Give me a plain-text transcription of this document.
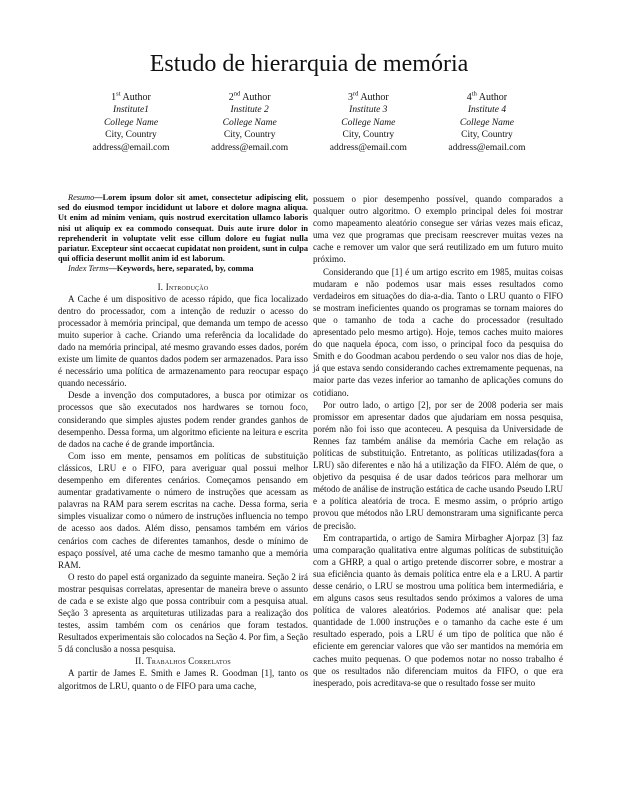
Estudo de hierarquia de memória
1st Author
Institute1
College Name
City, Country
address@email.com
2nd Author
Institute 2
College Name
City, Country
address@email.com
3rd Author
Institute 3
College Name
City, Country
address@email.com
4th Author
Institute 4
College Name
City, Country
address@email.com

Resumo—Lorem ipsum dolor sit amet, consectetur adipiscing elit, sed do eiusmod tempor incididunt ut labore et dolore magna aliqua. Ut enim ad minim veniam, quis nostrud exercitation ullamco laboris nisi ut aliquip ex ea commodo consequat. Duis aute irure dolor in reprehenderit in voluptate velit esse cillum dolore eu fugiat nulla pariatur. Excepteur sint occaecat cupidatat non proident, sunt in culpa qui officia deserunt mollit anim id est laborum.

Index Terms—Keywords, here, separated, by, comma

I. Introdução

A Cache é um dispositivo de acesso rápido, que fica localizado dentro do processador, com a intenção de reduzir o acesso do processador à memória principal, que demanda um tempo de acesso muito superior à cache. Criando uma referência da localidade do dado na memória principal, até mesmo gravando esses dados, porém existe um limite de quantos dados podem ser armazenados. Para isso é necessário uma política de armazenamento para reocupar espaço quando necessário.

Desde a invenção dos computadores, a busca por otimizar os processos que são executados nos hardwares se tornou foco, considerando que simples ajustes podem render grandes ganhos de desempenho. Dessa forma, um algoritmo eficiente na leitura e escrita de dados na cache é de grande importância.

Com isso em mente, pensamos em políticas de substituição clássicos, LRU e o FIFO, para averiguar qual possui melhor desempenho em diferentes cenários. Começamos pensando em aumentar gradativamente o número de instruções que acessam as palavras na RAM para serem escritas na cache. Dessa forma, seria simples visualizar como o número de instruções influencia no tempo de acesso aos dados. Além disso, pensamos também em vários cenários com caches de diferentes tamanhos, desde o mínimo de espaço possível, até uma cache de mesmo tamanho que a memória RAM.

O resto do papel está organizado da seguinte maneira. Seção 2 irá mostrar pesquisas correlatas, apresentar de maneira breve o assunto de cada e se existe algo que possa contribuir com a pesquisa atual. Seção 3 apresenta as arquiteturas utilizadas para a realização dos testes, assim também com os cenários que foram testados. Resultados experimentais são colocados na Seção 4. Por fim, a Seção 5 dá conclusão a nossa pesquisa.

II. Trabalhos Correlatos

A partir de James E. Smith e James R. Goodman [1], tanto os algoritmos de LRU, quanto o de FIFO para uma cache,

possuem o pior desempenho possível, quando comparados a qualquer outro algoritmo. O exemplo principal deles foi mostrar como mapeamento aleatório consegue ser várias vezes mais eficaz, uma vez que programas que precisam reescrever muitas vezes na cache e remover um valor que será reutilizado em um futuro muito próximo.

Considerando que [1] é um artigo escrito em 1985, muitas coisas mudaram e não podemos usar mais esses resultados como verdadeiros em situações do dia-a-dia. Tanto o LRU quanto o FIFO se mostram ineficientes quando os programas se tornam maiores do que o tamanho de toda a cache do processador (resultado apresentado pelo mesmo artigo). Hoje, temos caches muito maiores do que naquela época, com isso, o principal foco da pesquisa do Smith e do Goodman acabou perdendo o seu valor nos dias de hoje, já que estava sendo considerando caches extremamente pequenas, na maior parte das vezes inferior ao tamanho de aplicações comuns do cotidiano.

Por outro lado, o artigo [2], por ser de 2008 poderia ser mais promissor em apresentar dados que ajudariam em nossa pesquisa, porém não foi isso que aconteceu. A pesquisa da Universidade de Rennes faz também análise da memória Cache em relação as políticas de substituição. Entretanto, as políticas utilizadas(fora a LRU) são diferentes e não há a utilização da FIFO. Além de que, o objetivo da pesquisa é de usar dados teóricos para melhorar um método de análise de instrução estática de cache usando Pseudo LRU e a política aleatória de troca. E mesmo assim, o próprio artigo provou que métodos não LRU demonstraram uma significante perca de precisão.

Em contrapartida, o artigo de Samira Mirbagher Ajorpaz [3] faz uma comparação qualitativa entre algumas políticas de substituição com a GHRP, a qual o artigo pretende discorrer sobre, e mostrar a sua eficiência quanto às demais política entre ela e a LRU. A partir desse cenário, o LRU se mostrou uma política bem intermediária, e em alguns casos seus resultados sendo próximos a valores de uma política de valores aleatórios. Podemos até analisar que: pela quantidade de 1.000 instruções e o tamanho da cache este é um resultado esperado, pois a LRU é um tipo de política que não é eficiente em gerenciar valores que vão ser mantidos na memória em caches muito pequenas. O que podemos notar no nosso trabalho é que os resultados não diferenciam muitos da FIFO, o que era inesperado, pois acreditava-se que o resultado fosse ser muito
